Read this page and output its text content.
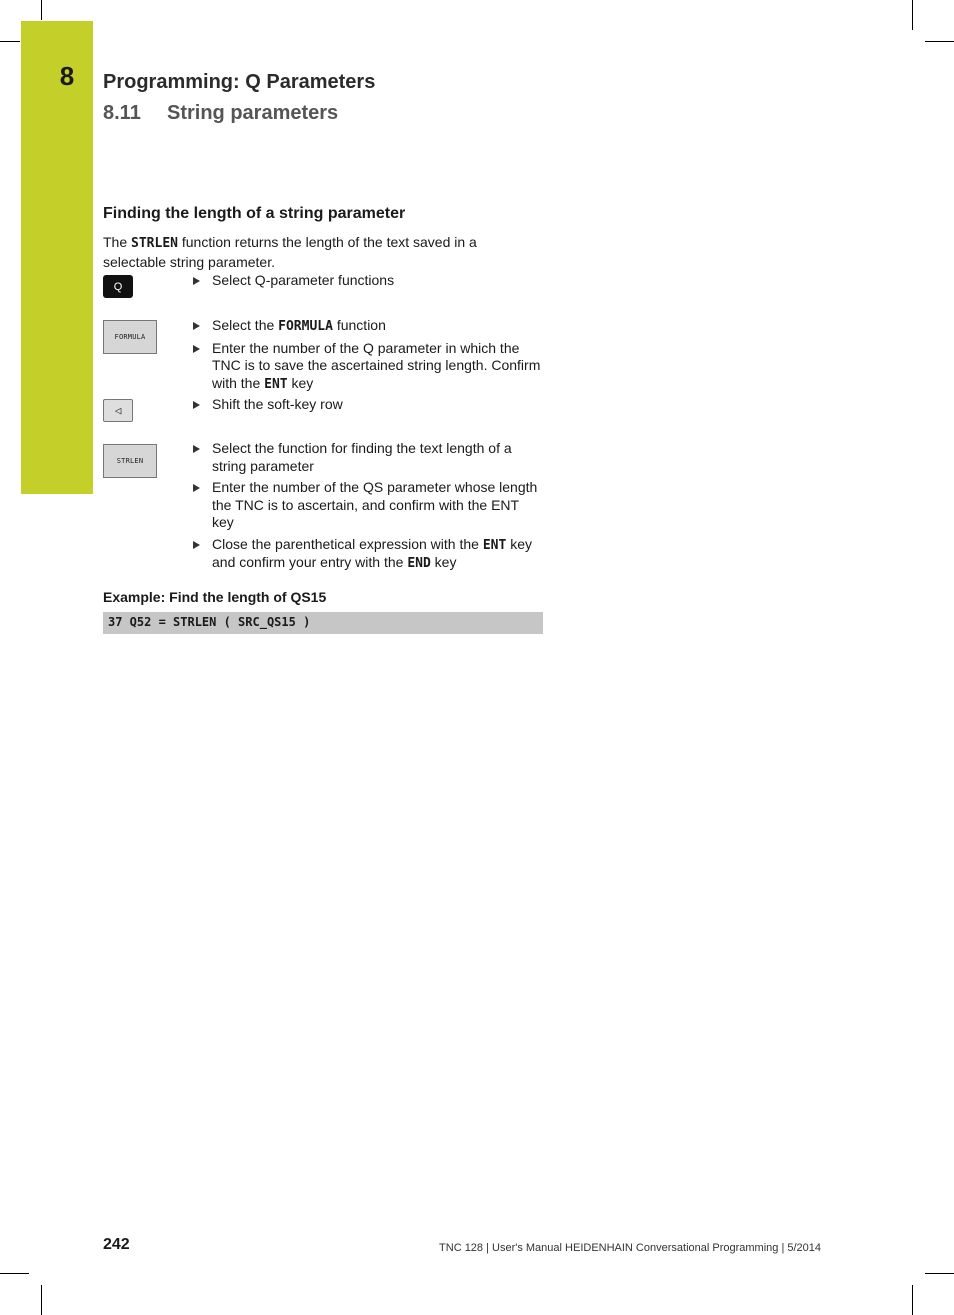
8	Programming: Q Parameters
8.11 String parameters
Finding the length of a string parameter

The STRLEN function returns the length of the text saved in a selectable string parameter.

Q	Select Q-parameter functions
FORMULA
Select the FORMULA function
Enter the number of the Q parameter in which the TNC is to save the ascertained string length. Confirm with the ENT key
◁	Shift the soft-key row
STRLEN
Select the function for finding the text length of a string parameter
Enter the number of the QS parameter whose length the TNC is to ascertain, and confirm with the ENT key
Close the parenthetical expression with the ENT key and confirm your entry with the END key
Example: Find the length of QS15
37 Q52 = STRLEN ( SRC_QS15 )
242	TNC 128 | User's Manual HEIDENHAIN Conversational Programming | 5/2014
